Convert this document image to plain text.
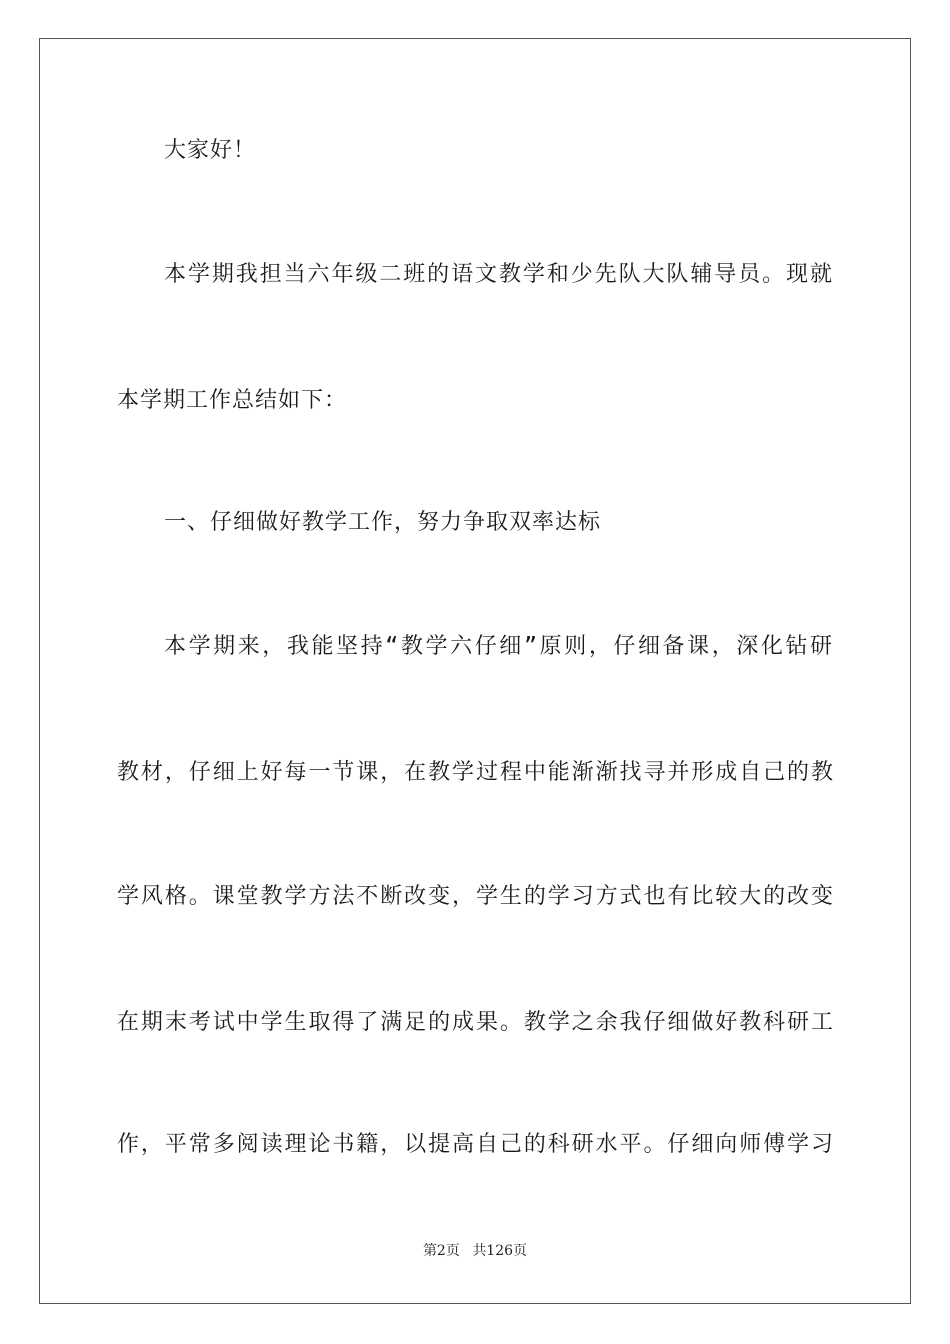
大家好！
本学期我担当六年级二班的语文教学和少先队大队辅导员。现就
本学期工作总结如下：
一、仔细做好教学工作，努力争取双率达标
本学期来，我能坚持“教学六仔细”原则，仔细备课，深化钻研
教材，仔细上好每一节课，在教学过程中能渐渐找寻并形成自己的教
学风格。课堂教学方法不断改变，学生的学习方式也有比较大的改变
在期末考试中学生取得了满足的成果。教学之余我仔细做好教科研工
作，平常多阅读理论书籍，以提高自己的科研水平。仔细向师傅学习
第2页 共126页
